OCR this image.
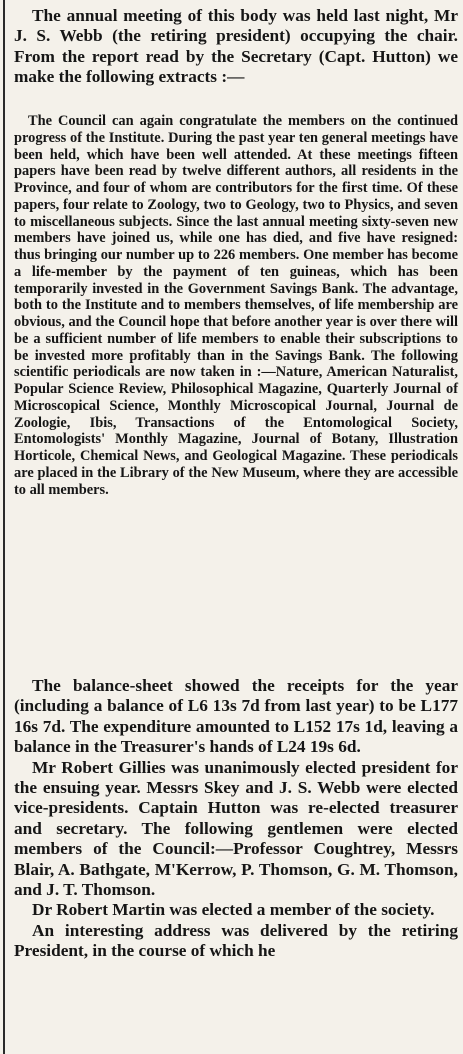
The annual meeting of this body was held last night, Mr J. S. Webb (the retiring president) occupying the chair. From the report read by the Secretary (Capt. Hutton) we make the following extracts :—

The Council can again congratulate the members on the continued progress of the Institute. During the past year ten general meetings have been held, which have been well attended. At these meetings fifteen papers have been read by twelve different authors, all residents in the Province, and four of whom are contributors for the first time. Of these papers, four relate to Zoology, two to Geology, two to Physics, and seven to miscellaneous subjects. Since the last annual meeting sixty-seven new members have joined us, while one has died, and five have resigned: thus bringing our number up to 226 members. One member has become a life-member by the payment of ten guineas, which has been temporarily invested in the Government Savings Bank. The advantage, both to the Institute and to members themselves, of life membership are obvious, and the Council hope that before another year is over there will be a sufficient number of life members to enable their subscriptions to be invested more profitably than in the Savings Bank. The following scientific periodicals are now taken in :—Nature, American Naturalist, Popular Science Review, Philosophical Magazine, Quarterly Journal of Microscopical Science, Monthly Microscopical Journal, Journal de Zoologie, Ibis, Transactions of the Entomological Society, Entomologists' Monthly Magazine, Journal of Botany, Illustration Horticole, Chemical News, and Geological Magazine. These periodicals are placed in the Library of the New Museum, where they are accessible to all members.

The balance-sheet showed the receipts for the year (including a balance of L6 13s 7d from last year) to be L177 16s 7d. The expenditure amounted to L152 17s 1d, leaving a balance in the Treasurer's hands of L24 19s 6d.

Mr Robert Gillies was unanimously elected president for the ensuing year. Messrs Skey and J. S. Webb were elected vice-presidents. Captain Hutton was re-elected treasurer and secretary. The following gentlemen were elected members of the Council:—Professor Coughtrey, Messrs Blair, A. Bathgate, M'Kerrow, P. Thomson, G. M. Thomson, and J. T. Thomson.

Dr Robert Martin was elected a member of the society.

An interesting address was delivered by the retiring President, in the course of which he
